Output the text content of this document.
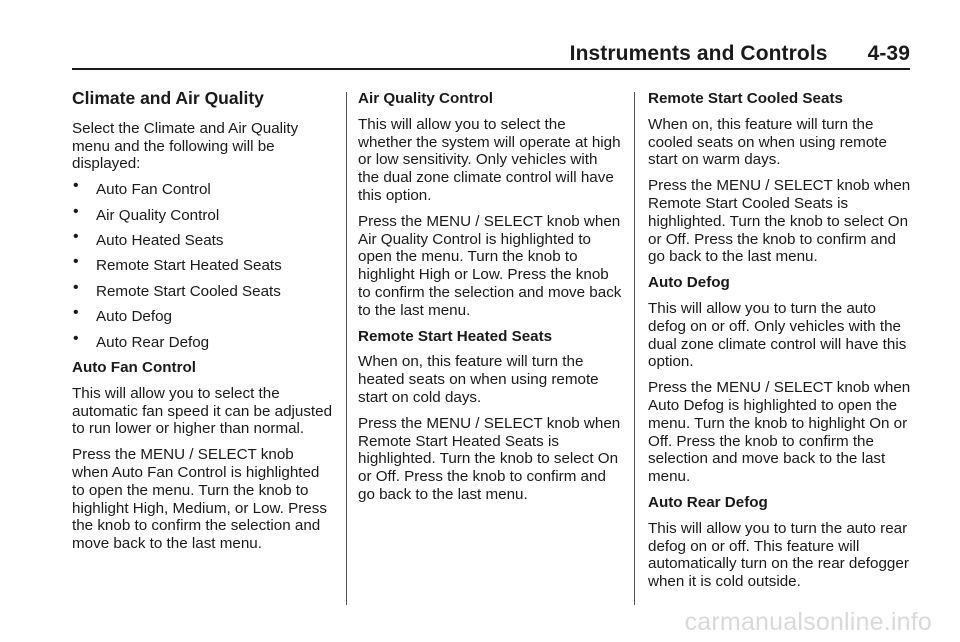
Instruments and Controls 4-39

Climate and Air Quality

Select the Climate and Air Quality menu and the following will be displayed:

• Auto Fan Control
• Air Quality Control
• Auto Heated Seats
• Remote Start Heated Seats
• Remote Start Cooled Seats
• Auto Defog
• Auto Rear Defog

Auto Fan Control

This will allow you to select the automatic fan speed it can be adjusted to run lower or higher than normal.

Press the MENU / SELECT knob when Auto Fan Control is highlighted to open the menu. Turn the knob to highlight High, Medium, or Low. Press the knob to confirm the selection and move back to the last menu.

Air Quality Control

This will allow you to select the whether the system will operate at high or low sensitivity. Only vehicles with the dual zone climate control will have this option.

Press the MENU / SELECT knob when Air Quality Control is highlighted to open the menu. Turn the knob to highlight High or Low. Press the knob to confirm the selection and move back to the last menu.

Remote Start Heated Seats

When on, this feature will turn the heated seats on when using remote start on cold days.

Press the MENU / SELECT knob when Remote Start Heated Seats is highlighted. Turn the knob to select On or Off. Press the knob to confirm and go back to the last menu.

Remote Start Cooled Seats

When on, this feature will turn the cooled seats on when using remote start on warm days.

Press the MENU / SELECT knob when Remote Start Cooled Seats is highlighted. Turn the knob to select On or Off. Press the knob to confirm and go back to the last menu.

Auto Defog

This will allow you to turn the auto defog on or off. Only vehicles with the dual zone climate control will have this option.

Press the MENU / SELECT knob when Auto Defog is highlighted to open the menu. Turn the knob to highlight On or Off. Press the knob to confirm the selection and move back to the last menu.

Auto Rear Defog

This will allow you to turn the auto rear defog on or off. This feature will automatically turn on the rear defogger when it is cold outside.

carmanualsonline.info
